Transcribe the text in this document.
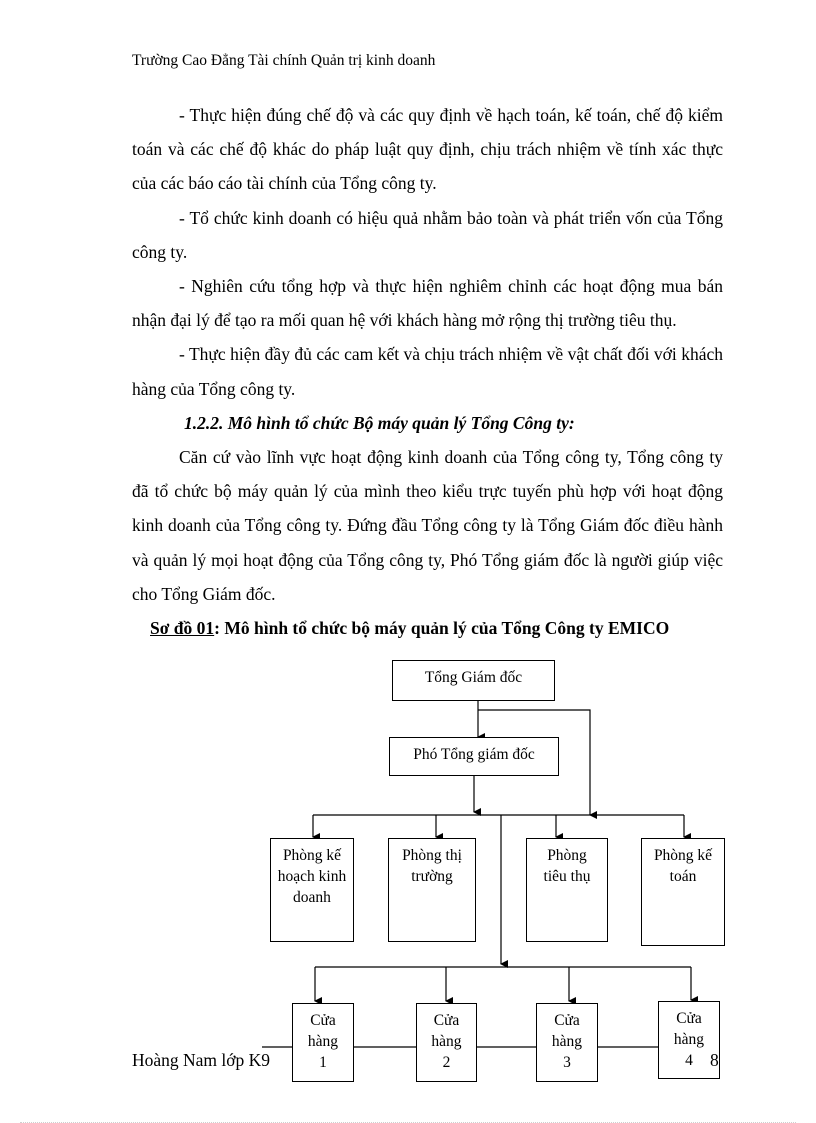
Trường Cao Đẳng Tài chính Quản trị kinh doanh

- Thực hiện đúng chế độ và các quy định về hạch toán, kế toán, chế độ kiểm toán và các chế độ khác do pháp luật quy định, chịu trách nhiệm về tính xác thực của các báo cáo tài chính của Tổng công ty.

- Tổ chức kinh doanh có hiệu quả nhằm bảo toàn và phát triển vốn của Tổng công ty.

- Nghiên cứu tổng hợp và thực hiện nghiêm chỉnh các hoạt động mua bán nhận đại lý để tạo ra mối quan hệ với khách hàng mở rộng thị trường tiêu thụ.

- Thực hiện đầy đủ các cam kết và chịu trách nhiệm về vật chất đối với khách hàng của Tổng công ty.

1.2.2. Mô hình tổ chức Bộ máy quản lý Tổng Công ty:

Căn cứ vào lĩnh vực hoạt động kinh doanh của Tổng công ty, Tổng công ty đã tổ chức bộ máy quản lý của mình theo kiểu trực tuyến phù hợp với hoạt động kinh doanh của Tổng công ty. Đứng đầu Tổng công ty là Tổng Giám đốc điều hành và quản lý mọi hoạt động của Tổng công ty, Phó Tổng giám đốc là người giúp việc cho Tổng Giám đốc.

Sơ đồ 01: Mô hình tổ chức bộ máy quản lý của Tổng Công ty EMICO
Tổng Giám đốc
Phó Tổng giám đốc
Phòng kế hoạch kinh doanh
Phòng thị trường
Phòng tiêu thụ
Phòng kế toán
Cửa hàng 1
Cửa hàng 2
Cửa hàng 3
Cửa hàng 4
Hoàng Nam lớp K9	8
